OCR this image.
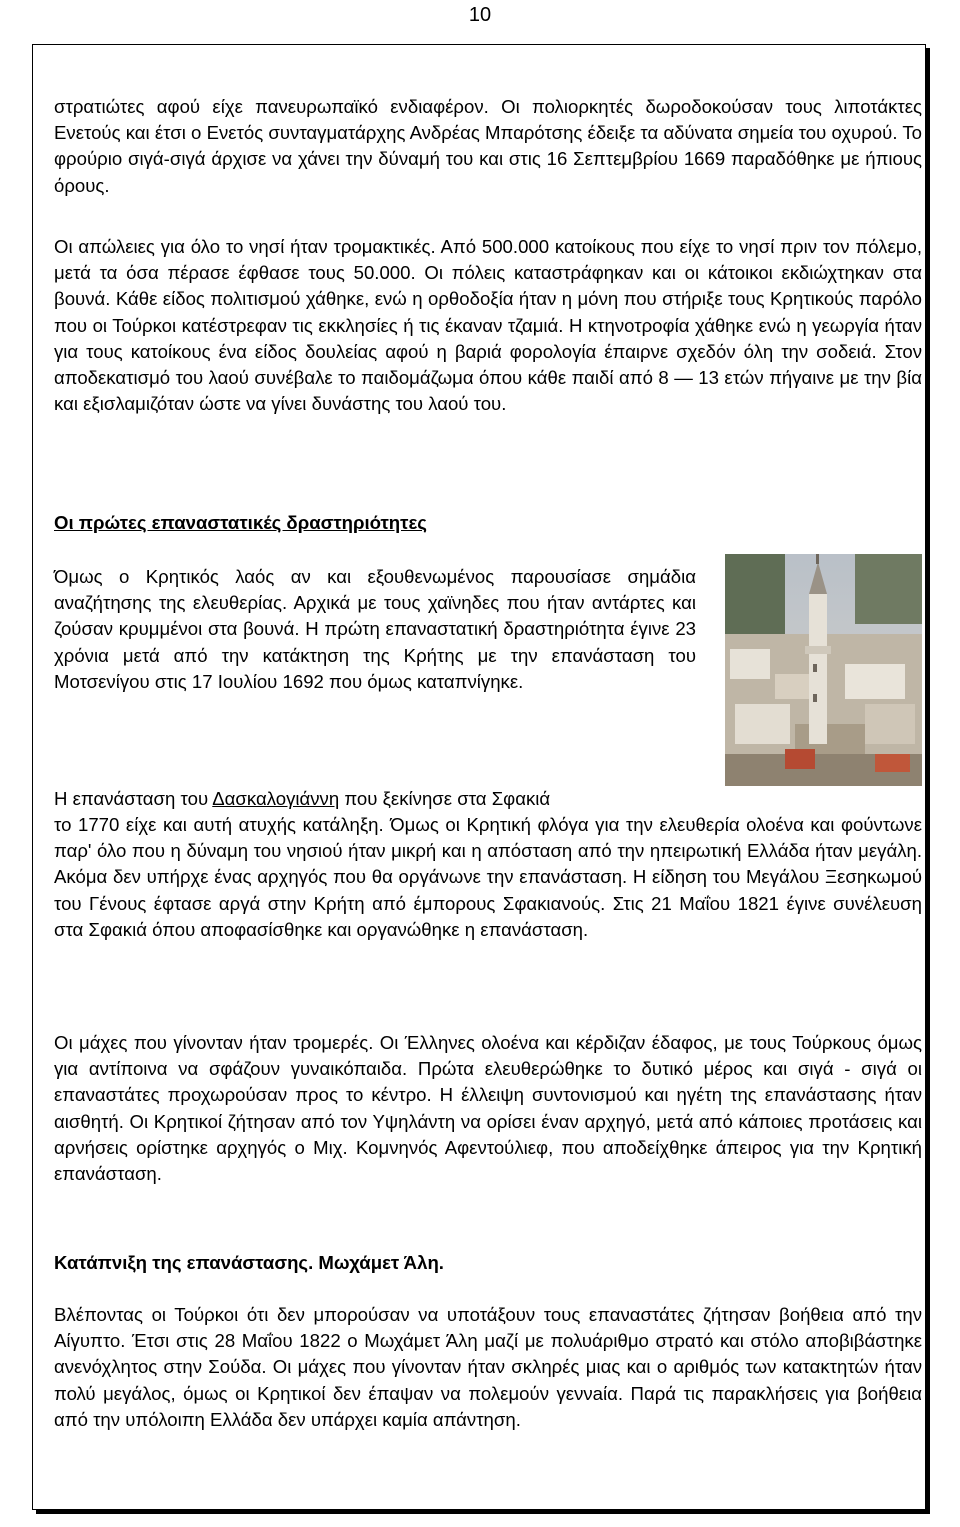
10

στρατιώτες αφού είχε πανευρωπαϊκό ενδιαφέρον. Οι πολιορκητές δωροδοκούσαν τους λιποτάκτες Ενετούς και έτσι ο Ενετός συνταγματάρχης Ανδρέας Μπαρότσης έδειξε τα αδύνατα σημεία του οχυρού. Το φρούριο σιγά-σιγά άρχισε να χάνει την δύναμή του και στις 16 Σεπτεμβρίου 1669 παραδόθηκε με ήπιους όρους.

Οι απώλειες για όλο το νησί ήταν τρομακτικές. Από 500.000 κατοίκους που είχε το νησί πριν τον πόλεμο, μετά τα όσα πέρασε έφθασε τους 50.000. Οι πόλεις καταστράφηκαν και οι κάτοικοι εκδιώχτηκαν στα βουνά. Κάθε είδος πολιτισμού χάθηκε, ενώ η ορθοδοξία ήταν η μόνη που στήριξε τους Κρητικούς παρόλο που οι Τούρκοι κατέστρεφαν τις εκκλησίες ή τις έκαναν τζαμιά. Η κτηνοτροφία χάθηκε ενώ η γεωργία ήταν για τους κατοίκους ένα είδος δουλείας αφού η βαριά φορολογία έπαιρνε σχεδόν όλη την σοδειά. Στον αποδεκατισμό του λαού συνέβαλε το παιδομάζωμα όπου κάθε παιδί από 8 — 13 ετών πήγαινε με την βία και εξισλαμιζόταν ώστε να γίνει δυνάστης του λαού του.

Οι πρώτες επαναστατικές δραστηριότητες

Όμως ο Κρητικός λαός αν και εξουθενωμένος παρουσίασε σημάδια αναζήτησης της ελευθερίας. Αρχικά με τους χαϊνηδες που ήταν αντάρτες και ζούσαν κρυμμένοι στα βουνά. Η πρώτη επαναστατική δραστηριότητα έγινε 23 χρόνια μετά από την κατάκτηση της Κρήτης με την επανάσταση του Μοτσενίγου στις 17 Ιουλίου 1692 που όμως καταπνίγηκε.

Η επανάσταση του Δασκαλογιάννη που ξεκίνησε στα Σφακιά

το 1770 είχε και αυτή ατυχής κατάληξη. Όμως οι Κρητική φλόγα για την ελευθερία ολοένα και φούντωνε παρ' όλο που η δύναμη του νησιού ήταν μικρή και η απόσταση από την ηπειρωτική Ελλάδα ήταν μεγάλη. Ακόμα δεν υπήρχε ένας αρχηγός που θα οργάνωνε την επανάσταση. Η είδηση του Μεγάλου Ξεσηκωμού του Γένους έφτασε αργά στην Κρήτη από έμπορους Σφακιανούς. Στις 21 Μαΐου 1821 έγινε συνέλευση στα Σφακιά όπου αποφασίσθηκε και οργανώθηκε η επανάσταση.

Οι μάχες που γίνονταν ήταν τρομερές. Οι Έλληνες ολοένα και κέρδιζαν έδαφος, με τους Τούρκους όμως για αντίποινα να σφάζουν γυναικόπαιδα. Πρώτα ελευθερώθηκε το δυτικό μέρος και σιγά - σιγά οι επαναστάτες προχωρούσαν προς το κέντρο. Η έλλειψη συντονισμού και ηγέτη της επανάστασης ήταν αισθητή. Οι Κρητικοί ζήτησαν από τον Υψηλάντη να ορίσει έναν αρχηγό, μετά από κάποιες προτάσεις και αρνήσεις ορίστηκε αρχηγός ο Μιχ. Κομνηνός Αφεντούλιεφ, που αποδείχθηκε άπειρος για την Κρητική επανάσταση.

Κατάπνιξη της επανάστασης. Μωχάμετ Άλη.

Βλέποντας οι Τούρκοι ότι δεν μπορούσαν να υποτάξουν τους επαναστάτες ζήτησαν βοήθεια από την Αίγυπτο. Έτσι στις 28 Μαΐου 1822 ο Μωχάμετ Άλη μαζί με πολυάριθμο στρατό και στόλο αποβιβάστηκε ανενόχλητος στην Σούδα. Οι μάχες που γίνονταν ήταν σκληρές μιας και ο αριθμός των κατακτητών ήταν πολύ μεγάλος, όμως οι Κρητικοί δεν έπαψαν να πολεμούν γεννaία. Παρά τις παρακλήσεις για βοήθεια από την υπόλοιπη Ελλάδα δεν υπάρχει καμία απάντηση.
